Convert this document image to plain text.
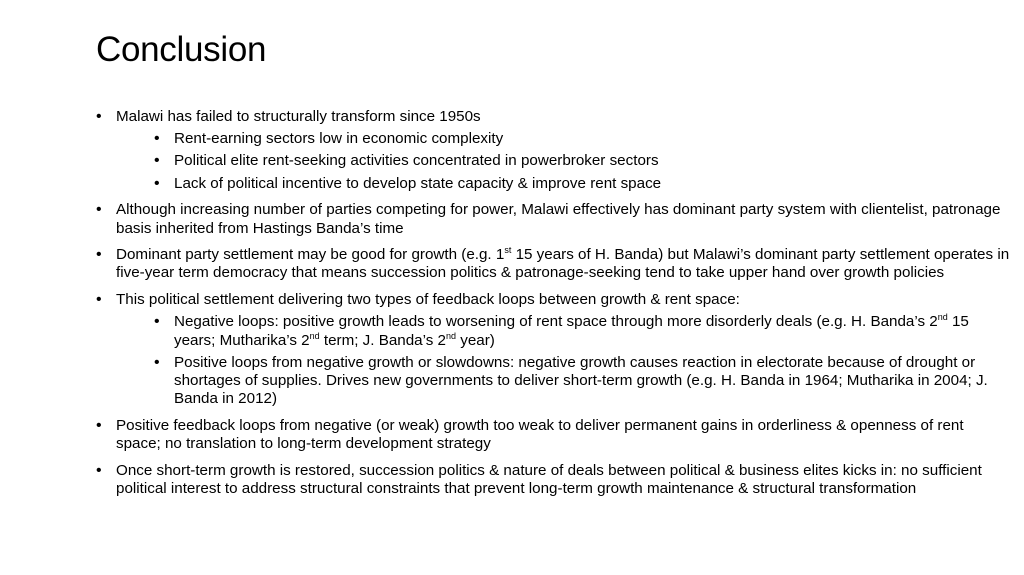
Conclusion
• Malawi has failed to structurally transform since 1950s
• Rent-earning sectors low in economic complexity
• Political elite rent-seeking activities concentrated in powerbroker sectors
• Lack of political incentive to develop state capacity & improve rent space
• Although increasing number of parties competing for power, Malawi effectively has dominant party system with clientelist, patronage basis inherited from Hastings Banda’s time
• Dominant party settlement may be good for growth (e.g. 1st 15 years of H. Banda) but Malawi’s dominant party settlement operates in five-year term democracy that means succession politics & patronage-seeking tend to take upper hand over growth policies
• This political settlement delivering two types of feedback loops between growth & rent space:
• Negative loops: positive growth leads to worsening of rent space through more disorderly deals (e.g. H. Banda’s 2nd 15 years; Mutharika’s 2nd term; J. Banda’s 2nd year)
• Positive loops from negative growth or slowdowns: negative growth causes reaction in electorate because of drought or shortages of supplies. Drives new governments to deliver short-term growth (e.g. H. Banda in 1964; Mutharika in 2004; J. Banda in 2012)
• Positive feedback loops from negative (or weak) growth too weak to deliver permanent gains in orderliness & openness of rent space; no translation to long-term development strategy
• Once short-term growth is restored, succession politics & nature of deals between political & business elites kicks in: no sufficient political interest to address structural constraints that prevent long-term growth maintenance & structural transformation
